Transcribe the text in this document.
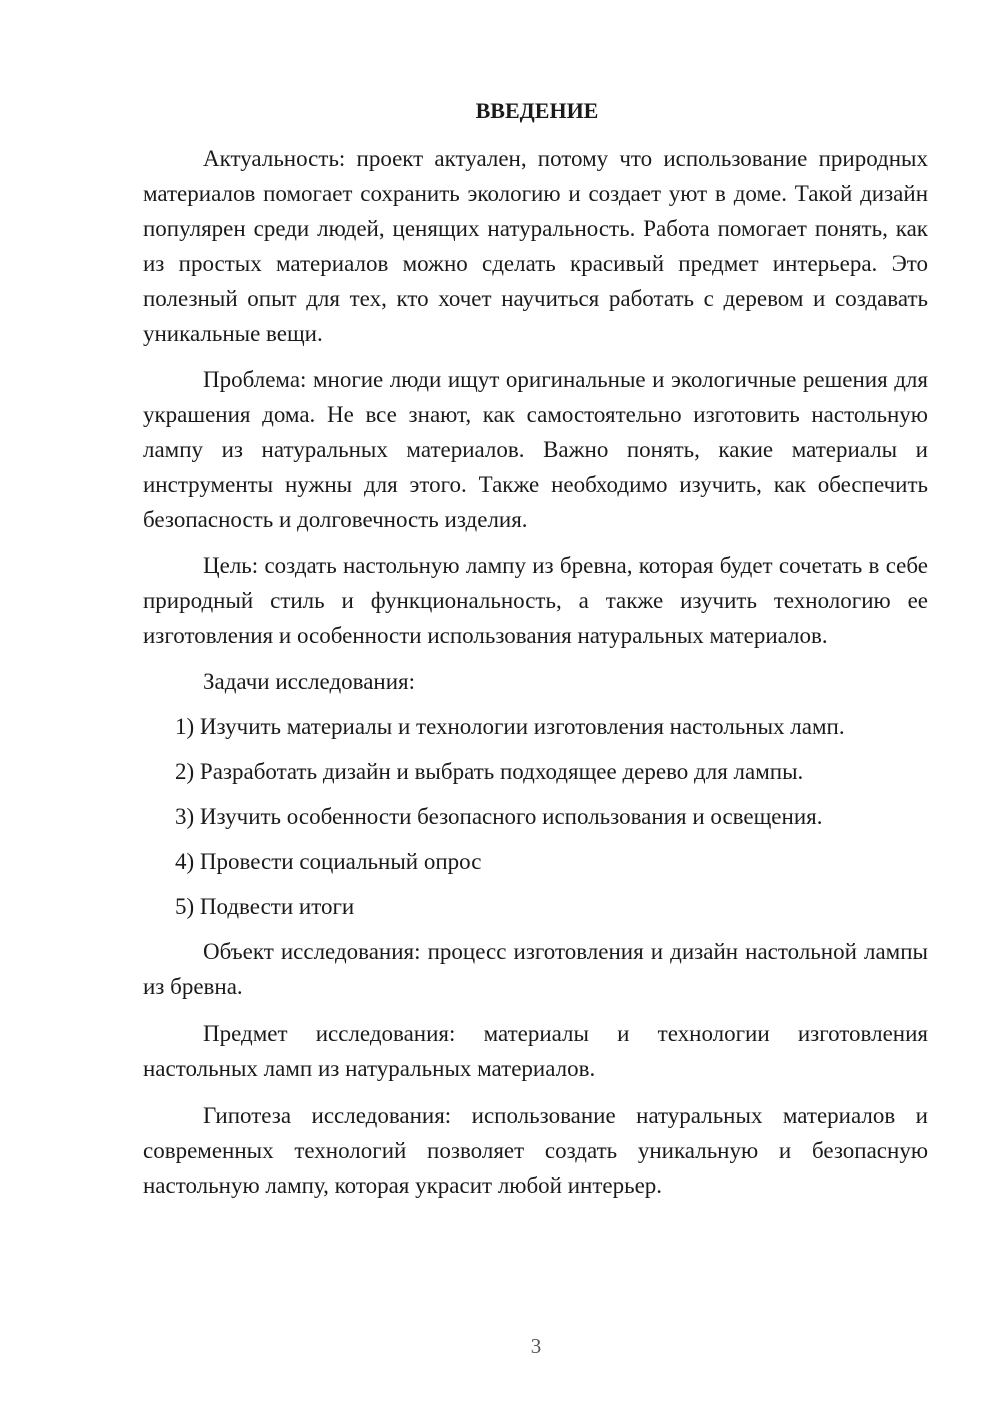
ВВЕДЕНИЕ

Актуальность: проект актуален, потому что использование природных материалов помогает сохранить экологию и создает уют в доме. Такой дизайн популярен среди людей, ценящих натуральность. Работа помогает понять, как из простых материалов можно сделать красивый предмет интерьера. Это полезный опыт для тех, кто хочет научиться работать с деревом и создавать уникальные вещи.

Проблема: многие люди ищут оригинальные и экологичные решения для украшения дома. Не все знают, как самостоятельно изготовить настольную лампу из натуральных материалов. Важно понять, какие материалы и инструменты нужны для этого. Также необходимо изучить, как обеспечить безопасность и долговечность изделия.

Цель: создать настольную лампу из бревна, которая будет сочетать в себе природный стиль и функциональность, а также изучить технологию ее изготовления и особенности использования натуральных материалов.

Задачи исследования:

1) Изучить материалы и технологии изготовления настольных ламп.

2) Разработать дизайн и выбрать подходящее дерево для лампы.

3) Изучить особенности безопасного использования и освещения.

4) Провести социальный опрос

5) Подвести итоги

Объект исследования: процесс изготовления и дизайн настольной лампы из бревна.

Предмет исследования: материалы и технологии изготовления настольных ламп из натуральных материалов.

Гипотеза исследования: использование натуральных материалов и современных технологий позволяет создать уникальную и безопасную настольную лампу, которая украсит любой интерьер.

3
